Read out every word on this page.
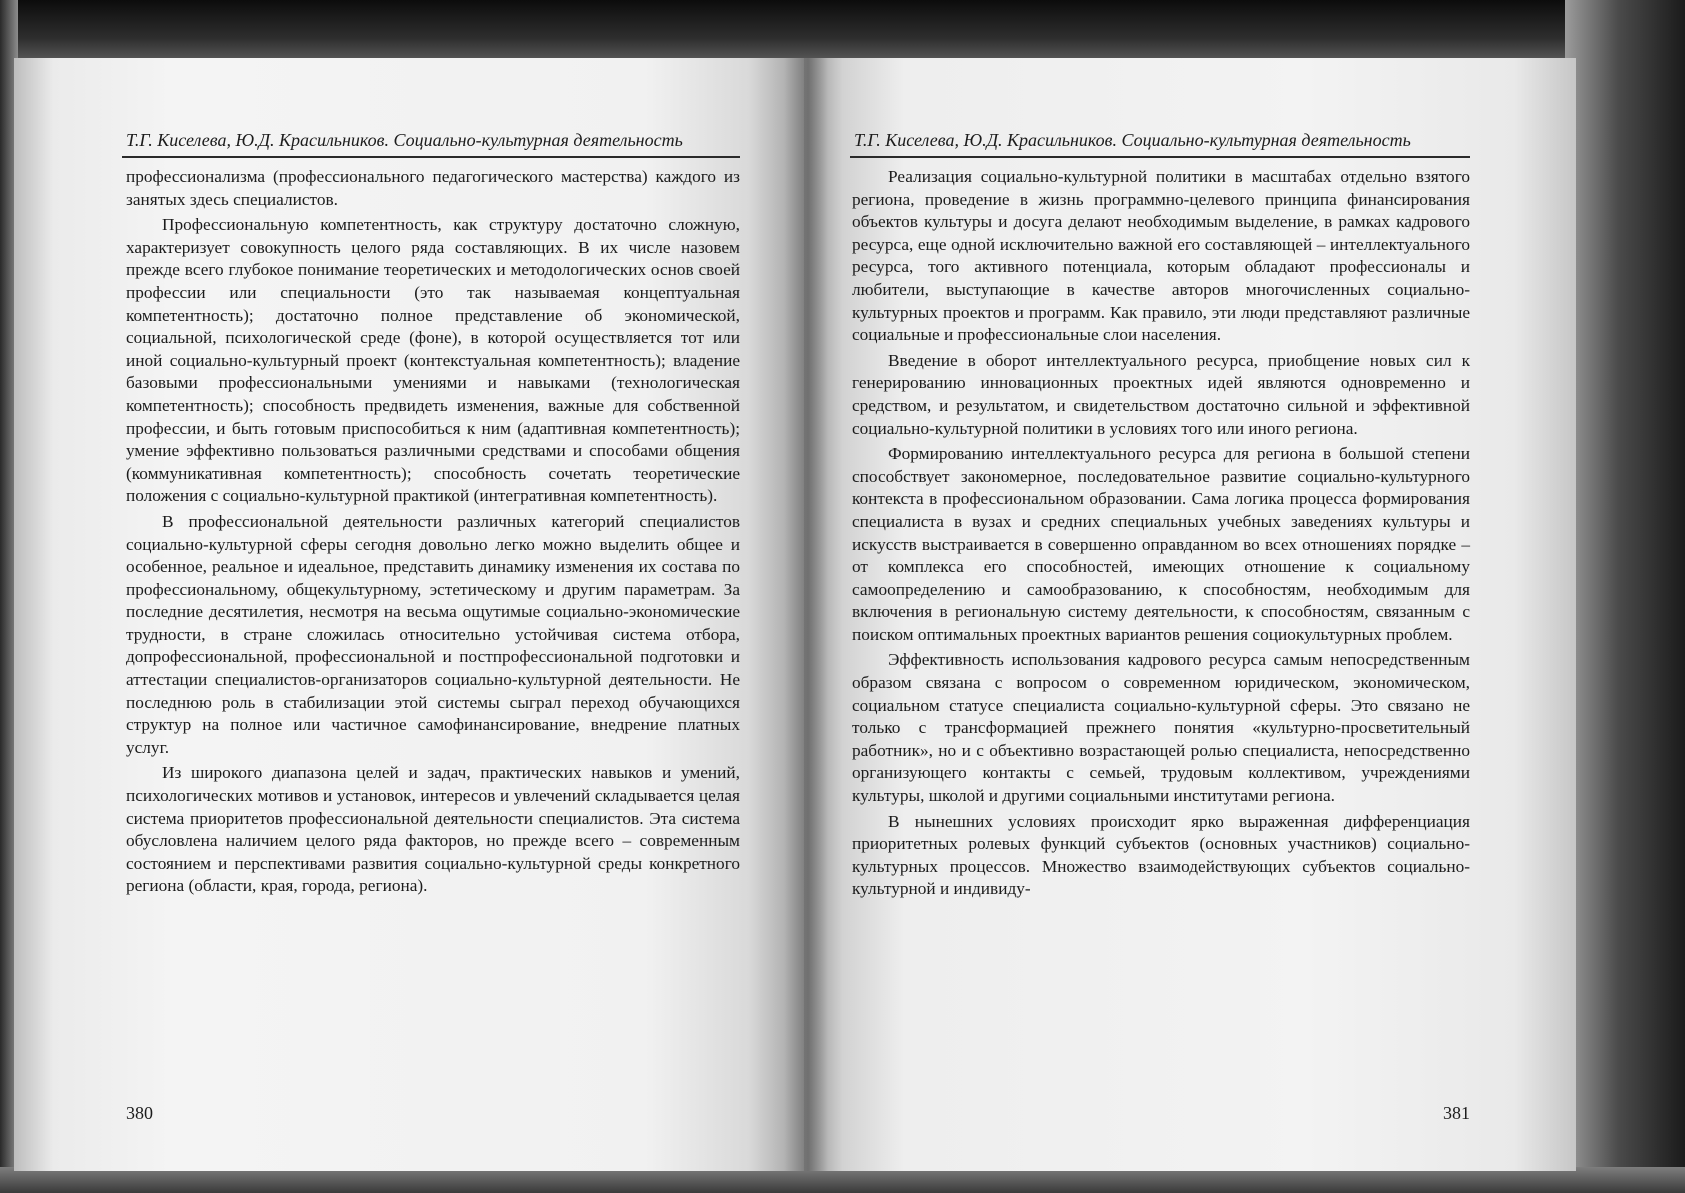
Т.Г. Киселева, Ю.Д. Красильников. Социально-культурная деятельность

профессионализма (профессионального педагогического мастерства) каждого из занятых здесь специалистов.

Профессиональную компетентность, как структуру достаточно сложную, характеризует совокупность целого ряда составляющих. В их числе назовем прежде всего глубокое понимание теоретических и методологических основ своей профессии или специальности (это так называемая концептуальная компетентность); достаточно полное представление об экономической, социальной, психологической среде (фоне), в которой осуществляется тот или иной социально-культурный проект (контекстуальная компетентность); владение базовыми профессиональными умениями и навыками (технологическая компетентность); способность предвидеть изменения, важные для собственной профессии, и быть готовым приспособиться к ним (адаптивная компетентность); умение эффективно пользоваться различными средствами и способами общения (коммуникативная компетентность); способность сочетать теоретические положения с социально-культурной практикой (интегративная компетентность).

В профессиональной деятельности различных категорий специалистов социально-культурной сферы сегодня довольно легко можно выделить общее и особенное, реальное и идеальное, представить динамику изменения их состава по профессиональному, общекультурному, эстетическому и другим параметрам. За последние десятилетия, несмотря на весьма ощутимые социально-экономические трудности, в стране сложилась относительно устойчивая система отбора, допрофессиональной, профессиональной и постпрофессиональной подготовки и аттестации специалистов-организаторов социально-культурной деятельности. Не последнюю роль в стабилизации этой системы сыграл переход обучающихся структур на полное или частичное самофинансирование, внедрение платных услуг.

Из широкого диапазона целей и задач, практических навыков и умений, психологических мотивов и установок, интересов и увлечений складывается целая система приоритетов профессиональной деятельности специалистов. Эта система обусловлена наличием целого ряда факторов, но прежде всего – современным состоянием и перспективами развития социально-культурной среды конкретного региона (области, края, города, региона).

380
Т.Г. Киселева, Ю.Д. Красильников. Социально-культурная деятельность

Реализация социально-культурной политики в масштабах отдельно взятого региона, проведение в жизнь программно-целевого принципа финансирования объектов культуры и досуга делают необходимым выделение, в рамках кадрового ресурса, еще одной исключительно важной его составляющей – интеллектуального ресурса, того активного потенциала, которым обладают профессионалы и любители, выступающие в качестве авторов многочисленных социально-культурных проектов и программ. Как правило, эти люди представляют различные социальные и профессиональные слои населения.

Введение в оборот интеллектуального ресурса, приобщение новых сил к генерированию инновационных проектных идей являются одновременно и средством, и результатом, и свидетельством достаточно сильной и эффективной социально-культурной политики в условиях того или иного региона.

Формированию интеллектуального ресурса для региона в большой степени способствует закономерное, последовательное развитие социально-культурного контекста в профессиональном образовании. Сама логика процесса формирования специалиста в вузах и средних специальных учебных заведениях культуры и искусств выстраивается в совершенно оправданном во всех отношениях порядке – от комплекса его способностей, имеющих отношение к социальному самоопределению и самообразованию, к способностям, необходимым для включения в региональную систему деятельности, к способностям, связанным с поиском оптимальных проектных вариантов решения социокультурных проблем.

Эффективность использования кадрового ресурса самым непосредственным образом связана с вопросом о современном юридическом, экономическом, социальном статусе специалиста социально-культурной сферы. Это связано не только с трансформацией прежнего понятия «культурно-просветительный работник», но и с объективно возрастающей ролью специалиста, непосредственно организующего контакты с семьей, трудовым коллективом, учреждениями культуры, школой и другими социальными институтами региона.

В нынешних условиях происходит ярко выраженная дифференциация приоритетных ролевых функций субъектов (основных участников) социально-культурных процессов. Множество взаимодействующих субъектов социально-культурной и индивиду-

381
